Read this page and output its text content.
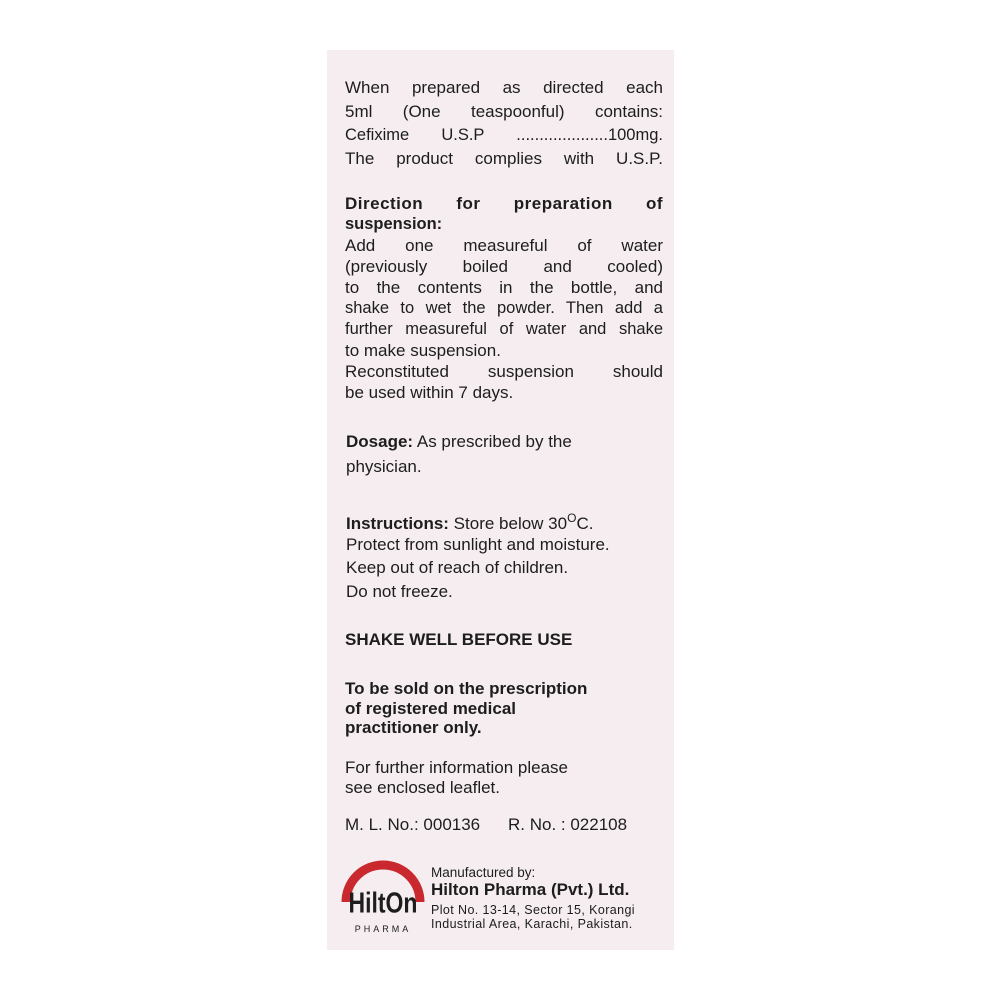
When prepared as directed each
5ml (One teaspoonful) contains:
Cefixime U.S.P ....................100mg.
The product complies with U.S.P.
Direction for preparation of
suspension:
Add one measureful of water
(previously boiled and cooled)
to the contents in the bottle, and
shake to wet the powder. Then add a
further measureful of water and shake
to make suspension.
Reconstituted suspension should
be used within 7 days.
Dosage: As prescribed by the
physician.
Instructions: Store below $30^OC$.
Protect from sunlight and moisture.
Keep out of reach of children.
Do not freeze.
SHAKE WELL BEFORE USE
To be sold on the prescription
of registered medical
practitioner only.
For further information please
see enclosed leaflet.
M. L. No.: 000136 R. No. : 022108
HiltOn
PHARMA
Manufactured by:
Hilton Pharma (Pvt.) Ltd.
Plot No. 13-14, Sector 15, Korangi
Industrial Area, Karachi, Pakistan.
